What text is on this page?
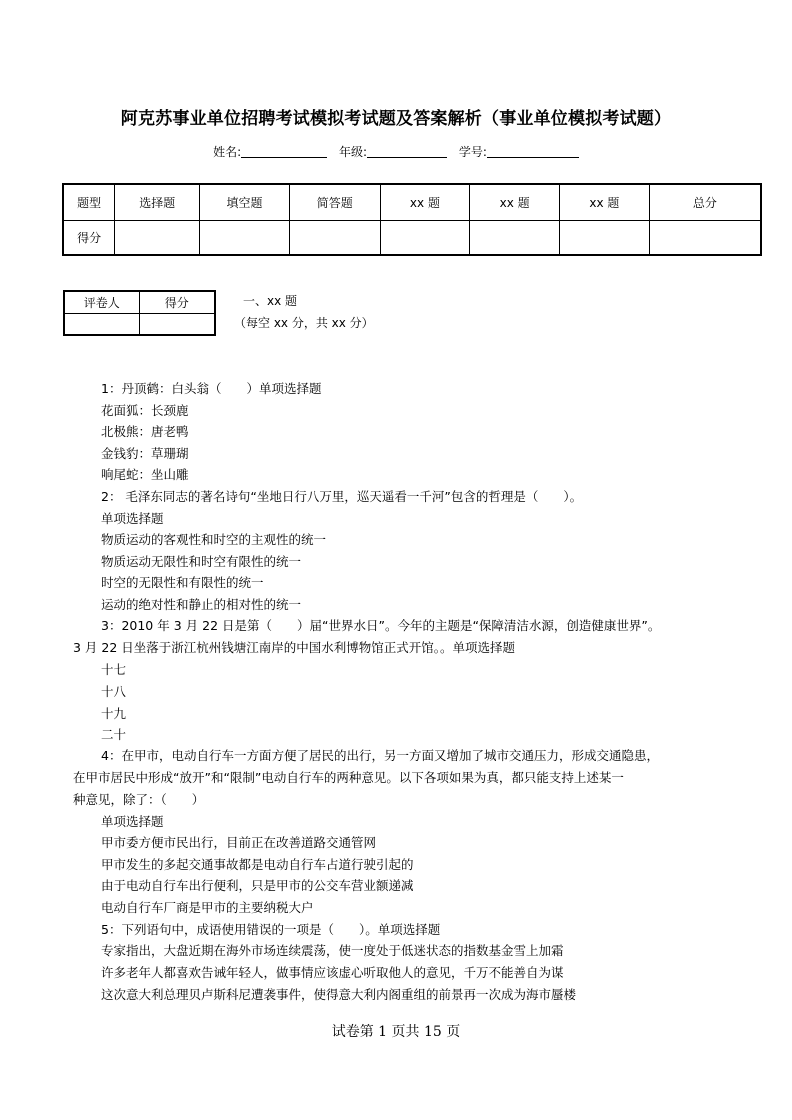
阿克苏事业单位招聘考试模拟考试题及答案解析（事业单位模拟考试题）
姓名:	年级:	学号:
题型	选择题	填空题	简答题	xx 题	xx 题	xx 题	总分
得分							
评卷人	得分
		一、xx 题
（每空 xx 分，共 xx 分）
1：丹顶鹤：白头翁（　　）单项选择题
花面狐：长颈鹿
北极熊：唐老鸭
金钱豹：草珊瑚
响尾蛇：坐山雕
2： 毛泽东同志的著名诗句“坐地日行八万里，巡天遥看一千河”包含的哲理是（　　）。
单项选择题
物质运动的客观性和时空的主观性的统一
物质运动无限性和时空有限性的统一
时空的无限性和有限性的统一
运动的绝对性和静止的相对性的统一
3：2010 年 3 月 22 日是第（　　）届“世界水日”。今年的主题是“保障清洁水源，创造健康世界”。
3 月 22 日坐落于浙江杭州钱塘江南岸的中国水利博物馆正式开馆。。单项选择题
十七
十八
十九
二十
4：在甲市，电动自行车一方面方便了居民的出行，另一方面又增加了城市交通压力，形成交通隐患，
在甲市居民中形成“放开”和“限制”电动自行车的两种意见。以下各项如果为真，都只能支持上述某一
种意见，除了：（　　）
单项选择题
甲市委方便市民出行，目前正在改善道路交通管网
甲市发生的多起交通事故都是电动自行车占道行驶引起的
由于电动自行车出行便利，只是甲市的公交车营业额递减
电动自行车厂商是甲市的主要纳税大户
5：下列语句中，成语使用错误的一项是（　　）。单项选择题
专家指出，大盘近期在海外市场连续震荡，使一度处于低迷状态的指数基金雪上加霜
许多老年人都喜欢告诫年轻人，做事情应该虚心听取他人的意见，千万不能善自为谋
这次意大利总理贝卢斯科尼遭袭事件，使得意大利内阁重组的前景再一次成为海市蜃楼
试卷第 1 页共 15 页
